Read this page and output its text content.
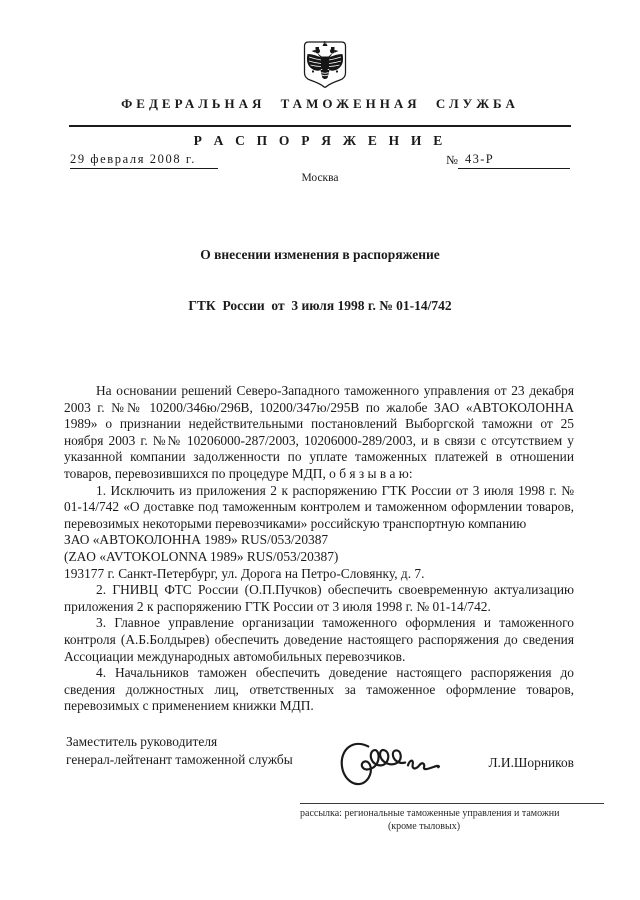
ФЕДЕРАЛЬНАЯ ТАМОЖЕННАЯ СЛУЖБА
Р А С П О Р Я Ж Е Н И Е
29 февраля 2008 г.	№ 43-Р
Москва

О внесении изменения в распоряжение

ГТК  России  от  3 июля 1998 г. № 01-14/742

На основании решений Северо-Западного таможенного управления от 23 декабря 2003 г. №№ 10200/346ю/296В, 10200/347ю/295В по жалобе ЗАО «АВТОКОЛОННА 1989» о признании недействительными постановлений Выборгской таможни от 25 ноября 2003 г. №№ 10206000-287/2003, 10206000-289/2003, и в связи с отсутствием у указанной компании задолженности по уплате таможенных платежей в отношении товаров, перевозившихся по процедуре МДП, о б я з ы в а ю:

1. Исключить из приложения 2 к распоряжению ГТК России от 3 июля 1998 г. № 01-14/742 «О доставке под таможенным контролем и таможенном оформлении товаров, перевозимых некоторыми перевозчиками» российскую транспортную компанию

ЗАО «АВТОКОЛОННА 1989» RUS/053/20387

(ZAO «AVTOKOLONNA 1989» RUS/053/20387)

193177 г. Санкт-Петербург, ул. Дорога на Петро-Словянку, д. 7.

2. ГНИВЦ ФТС России (О.П.Пучков) обеспечить своевременную актуализацию приложения 2 к распоряжению ГТК России от 3 июля 1998 г. № 01-14/742.

3. Главное управление организации таможенного оформления и таможенного контроля (А.Б.Болдырев) обеспечить доведение настоящего распоряжения до сведения Ассоциации международных автомобильных перевозчиков.

4. Начальников таможен обеспечить доведение настоящего распоряжения до сведения должностных лиц, ответственных за таможенное оформление товаров, перевозимых с применением книжки МДП.

Заместитель руководителя
генерал-лейтенант таможенной службы	Л.И.Шорников
рассылка: региональные таможенные управления и таможни
(кроме тыловых)
